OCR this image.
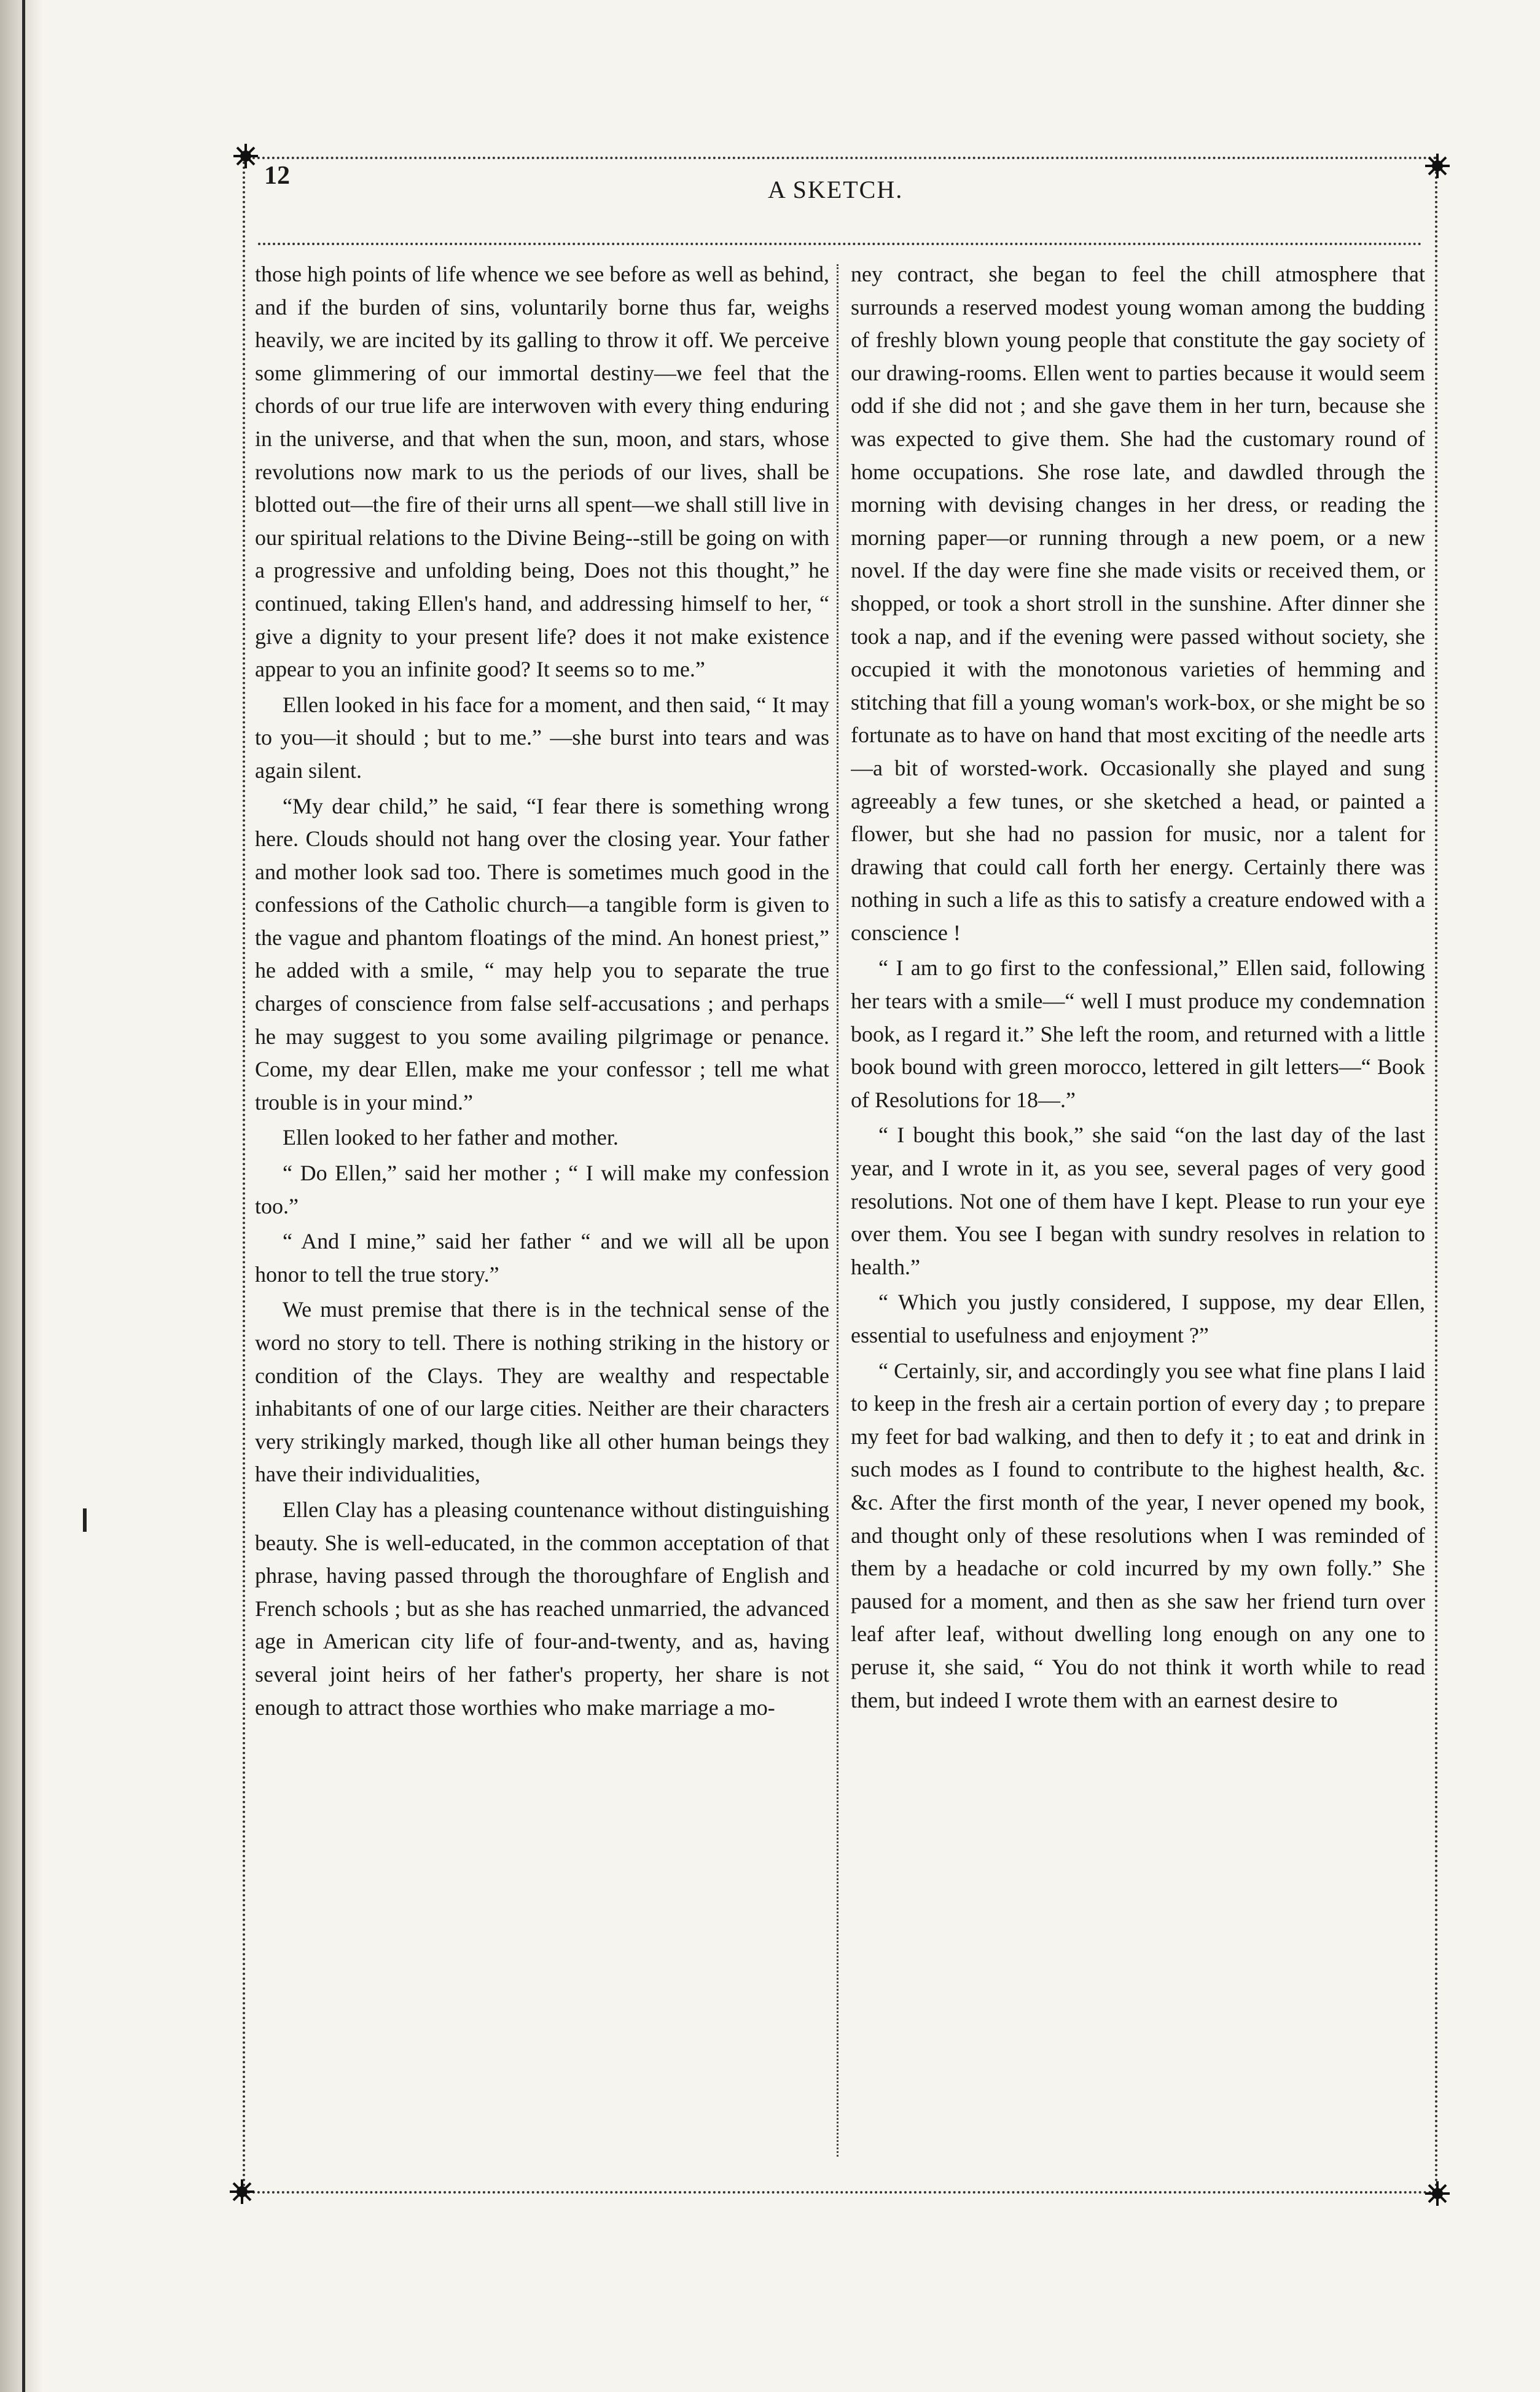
12	A SKETCH.

those high points of life whence we see before as well as behind, and if the burden of sins, voluntarily borne thus far, weighs heavily, we are incited by its galling to throw it off. We perceive some glimmering of our immortal destiny—we feel that the chords of our true life are interwoven with every thing enduring in the universe, and that when the sun, moon, and stars, whose revolutions now mark to us the periods of our lives, shall be blotted out—the fire of their urns all spent—we shall still live in our spiritual relations to the Divine Being--still be going on with a progressive and unfolding being, Does not this thought,” he continued, taking Ellen's hand, and addressing himself to her, “ give a dignity to your present life? does it not make existence appear to you an infinite good? It seems so to me.”

Ellen looked in his face for a moment, and then said, “ It may to you—it should ; but to me.” —she burst into tears and was again silent.

“My dear child,” he said, “I fear there is something wrong here. Clouds should not hang over the closing year. Your father and mother look sad too. There is sometimes much good in the confessions of the Catholic church—a tangible form is given to the vague and phantom floatings of the mind. An honest priest,” he added with a smile, “ may help you to separate the true charges of conscience from false self-accusations ; and perhaps he may suggest to you some availing pilgrimage or penance. Come, my dear Ellen, make me your confessor ; tell me what trouble is in your mind.”

Ellen looked to her father and mother.

“ Do Ellen,” said her mother ; “ I will make my confession too.”

“ And I mine,” said her father “ and we will all be upon honor to tell the true story.”

We must premise that there is in the technical sense of the word no story to tell. There is nothing striking in the history or condition of the Clays. They are wealthy and respectable inhabitants of one of our large cities. Neither are their characters very strikingly marked, though like all other human beings they have their individualities,

Ellen Clay has a pleasing countenance without distinguishing beauty. She is well-educated, in the common acceptation of that phrase, having passed through the thoroughfare of English and French schools ; but as she has reached unmarried, the advanced age in American city life of four-and-twenty, and as, having several joint heirs of her father's property, her share is not enough to attract those worthies who make marriage a mo-

ney contract, she began to feel the chill atmosphere that surrounds a reserved modest young woman among the budding of freshly blown young people that constitute the gay society of our drawing-rooms. Ellen went to parties because it would seem odd if she did not ; and she gave them in her turn, because she was expected to give them. She had the customary round of home occupations. She rose late, and dawdled through the morning with devising changes in her dress, or reading the morning paper—or running through a new poem, or a new novel. If the day were fine she made visits or received them, or shopped, or took a short stroll in the sunshine. After dinner she took a nap, and if the evening were passed without society, she occupied it with the monotonous varieties of hemming and stitching that fill a young woman's work-box, or she might be so fortunate as to have on hand that most exciting of the needle arts—a bit of worsted-work. Occasionally she played and sung agreeably a few tunes, or she sketched a head, or painted a flower, but she had no passion for music, nor a talent for drawing that could call forth her energy. Certainly there was nothing in such a life as this to satisfy a creature endowed with a conscience !

“ I am to go first to the confessional,” Ellen said, following her tears with a smile—“ well I must produce my condemnation book, as I regard it.” She left the room, and returned with a little book bound with green morocco, lettered in gilt letters—“ Book of Resolutions for 18—.”

“ I bought this book,” she said “on the last day of the last year, and I wrote in it, as you see, several pages of very good resolutions. Not one of them have I kept. Please to run your eye over them. You see I began with sundry resolves in relation to health.”

“ Which you justly considered, I suppose, my dear Ellen, essential to usefulness and enjoyment ?”

“ Certainly, sir, and accordingly you see what fine plans I laid to keep in the fresh air a certain portion of every day ; to prepare my feet for bad walking, and then to defy it ; to eat and drink in such modes as I found to contribute to the highest health, &c. &c. After the first month of the year, I never opened my book, and thought only of these resolutions when I was reminded of them by a headache or cold incurred by my own folly.” She paused for a moment, and then as she saw her friend turn over leaf after leaf, without dwelling long enough on any one to peruse it, she said, “ You do not think it worth while to read them, but indeed I wrote them with an earnest desire to
